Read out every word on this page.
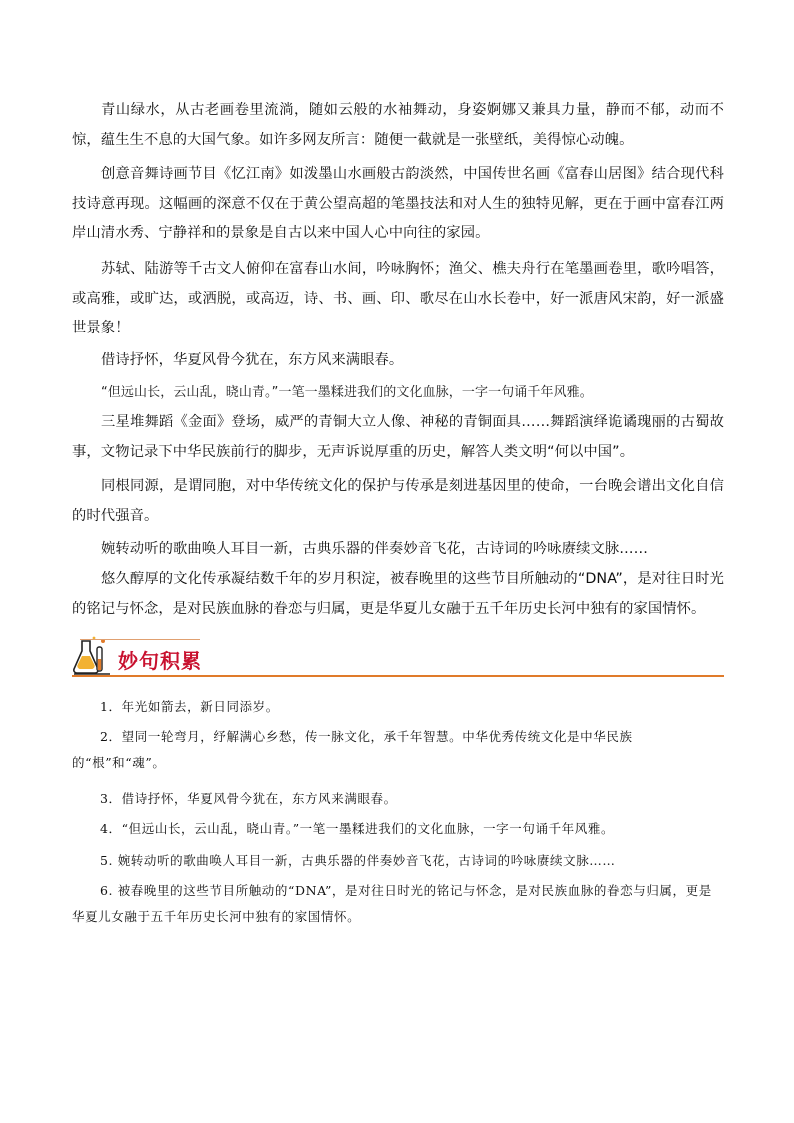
青山绿水，从古老画卷里流淌，随如云般的水袖舞动，身姿婀娜又兼具力量，静而不郁，动而不惊，蕴生生不息的大国气象。如许多网友所言：随便一截就是一张壁纸，美得惊心动魄。

创意音舞诗画节目《忆江南》如泼墨山水画般古韵淡然，中国传世名画《富春山居图》结合现代科技诗意再现。这幅画的深意不仅在于黄公望高超的笔墨技法和对人生的独特见解，更在于画中富春江两岸山清水秀、宁静祥和的景象是自古以来中国人心中向往的家园。

苏轼、陆游等千古文人俯仰在富春山水间，吟咏胸怀；渔父、樵夫舟行在笔墨画卷里，歌吟唱答，或高雅，或旷达，或洒脱，或高迈，诗、书、画、印、歌尽在山水长卷中，好一派唐风宋韵，好一派盛世景象！

借诗抒怀，华夏风骨今犹在，东方风来满眼春。

“但远山长，云山乱，晓山青。”一笔一墨糅进我们的文化血脉，一字一句诵千年风雅。

三星堆舞蹈《金面》登场，威严的青铜大立人像、神秘的青铜面具……舞蹈演绎诡谲瑰丽的古蜀故事，文物记录下中华民族前行的脚步，无声诉说厚重的历史，解答人类文明“何以中国”。

同根同源，是谓同胞，对中华传统文化的保护与传承是刻进基因里的使命，一台晚会谱出文化自信的时代强音。

婉转动听的歌曲唤人耳目一新，古典乐器的伴奏妙音飞花，古诗词的吟咏赓续文脉……

悠久醇厚的文化传承凝结数千年的岁月积淀，被春晚里的这些节目所触动的“DNA”，是对往日时光的铭记与怀念，是对民族血脉的眷恋与归属，更是华夏儿女融于五千年历史长河中独有的家国情怀。

妙句积累

1．年光如箭去，新日同添岁。

2．望同一轮弯月，纾解满心乡愁，传一脉文化，承千年智慧。中华优秀传统文化是中华民族的“根”和“魂”。

3．借诗抒怀，华夏风骨今犹在，东方风来满眼春。

4．“但远山长，云山乱，晓山青。”一笔一墨糅进我们的文化血脉，一字一句诵千年风雅。

5. 婉转动听的歌曲唤人耳目一新，古典乐器的伴奏妙音飞花，古诗词的吟咏赓续文脉……

6. 被春晚里的这些节目所触动的“DNA”，是对往日时光的铭记与怀念，是对民族血脉的眷恋与归属，更是华夏儿女融于五千年历史长河中独有的家国情怀。
